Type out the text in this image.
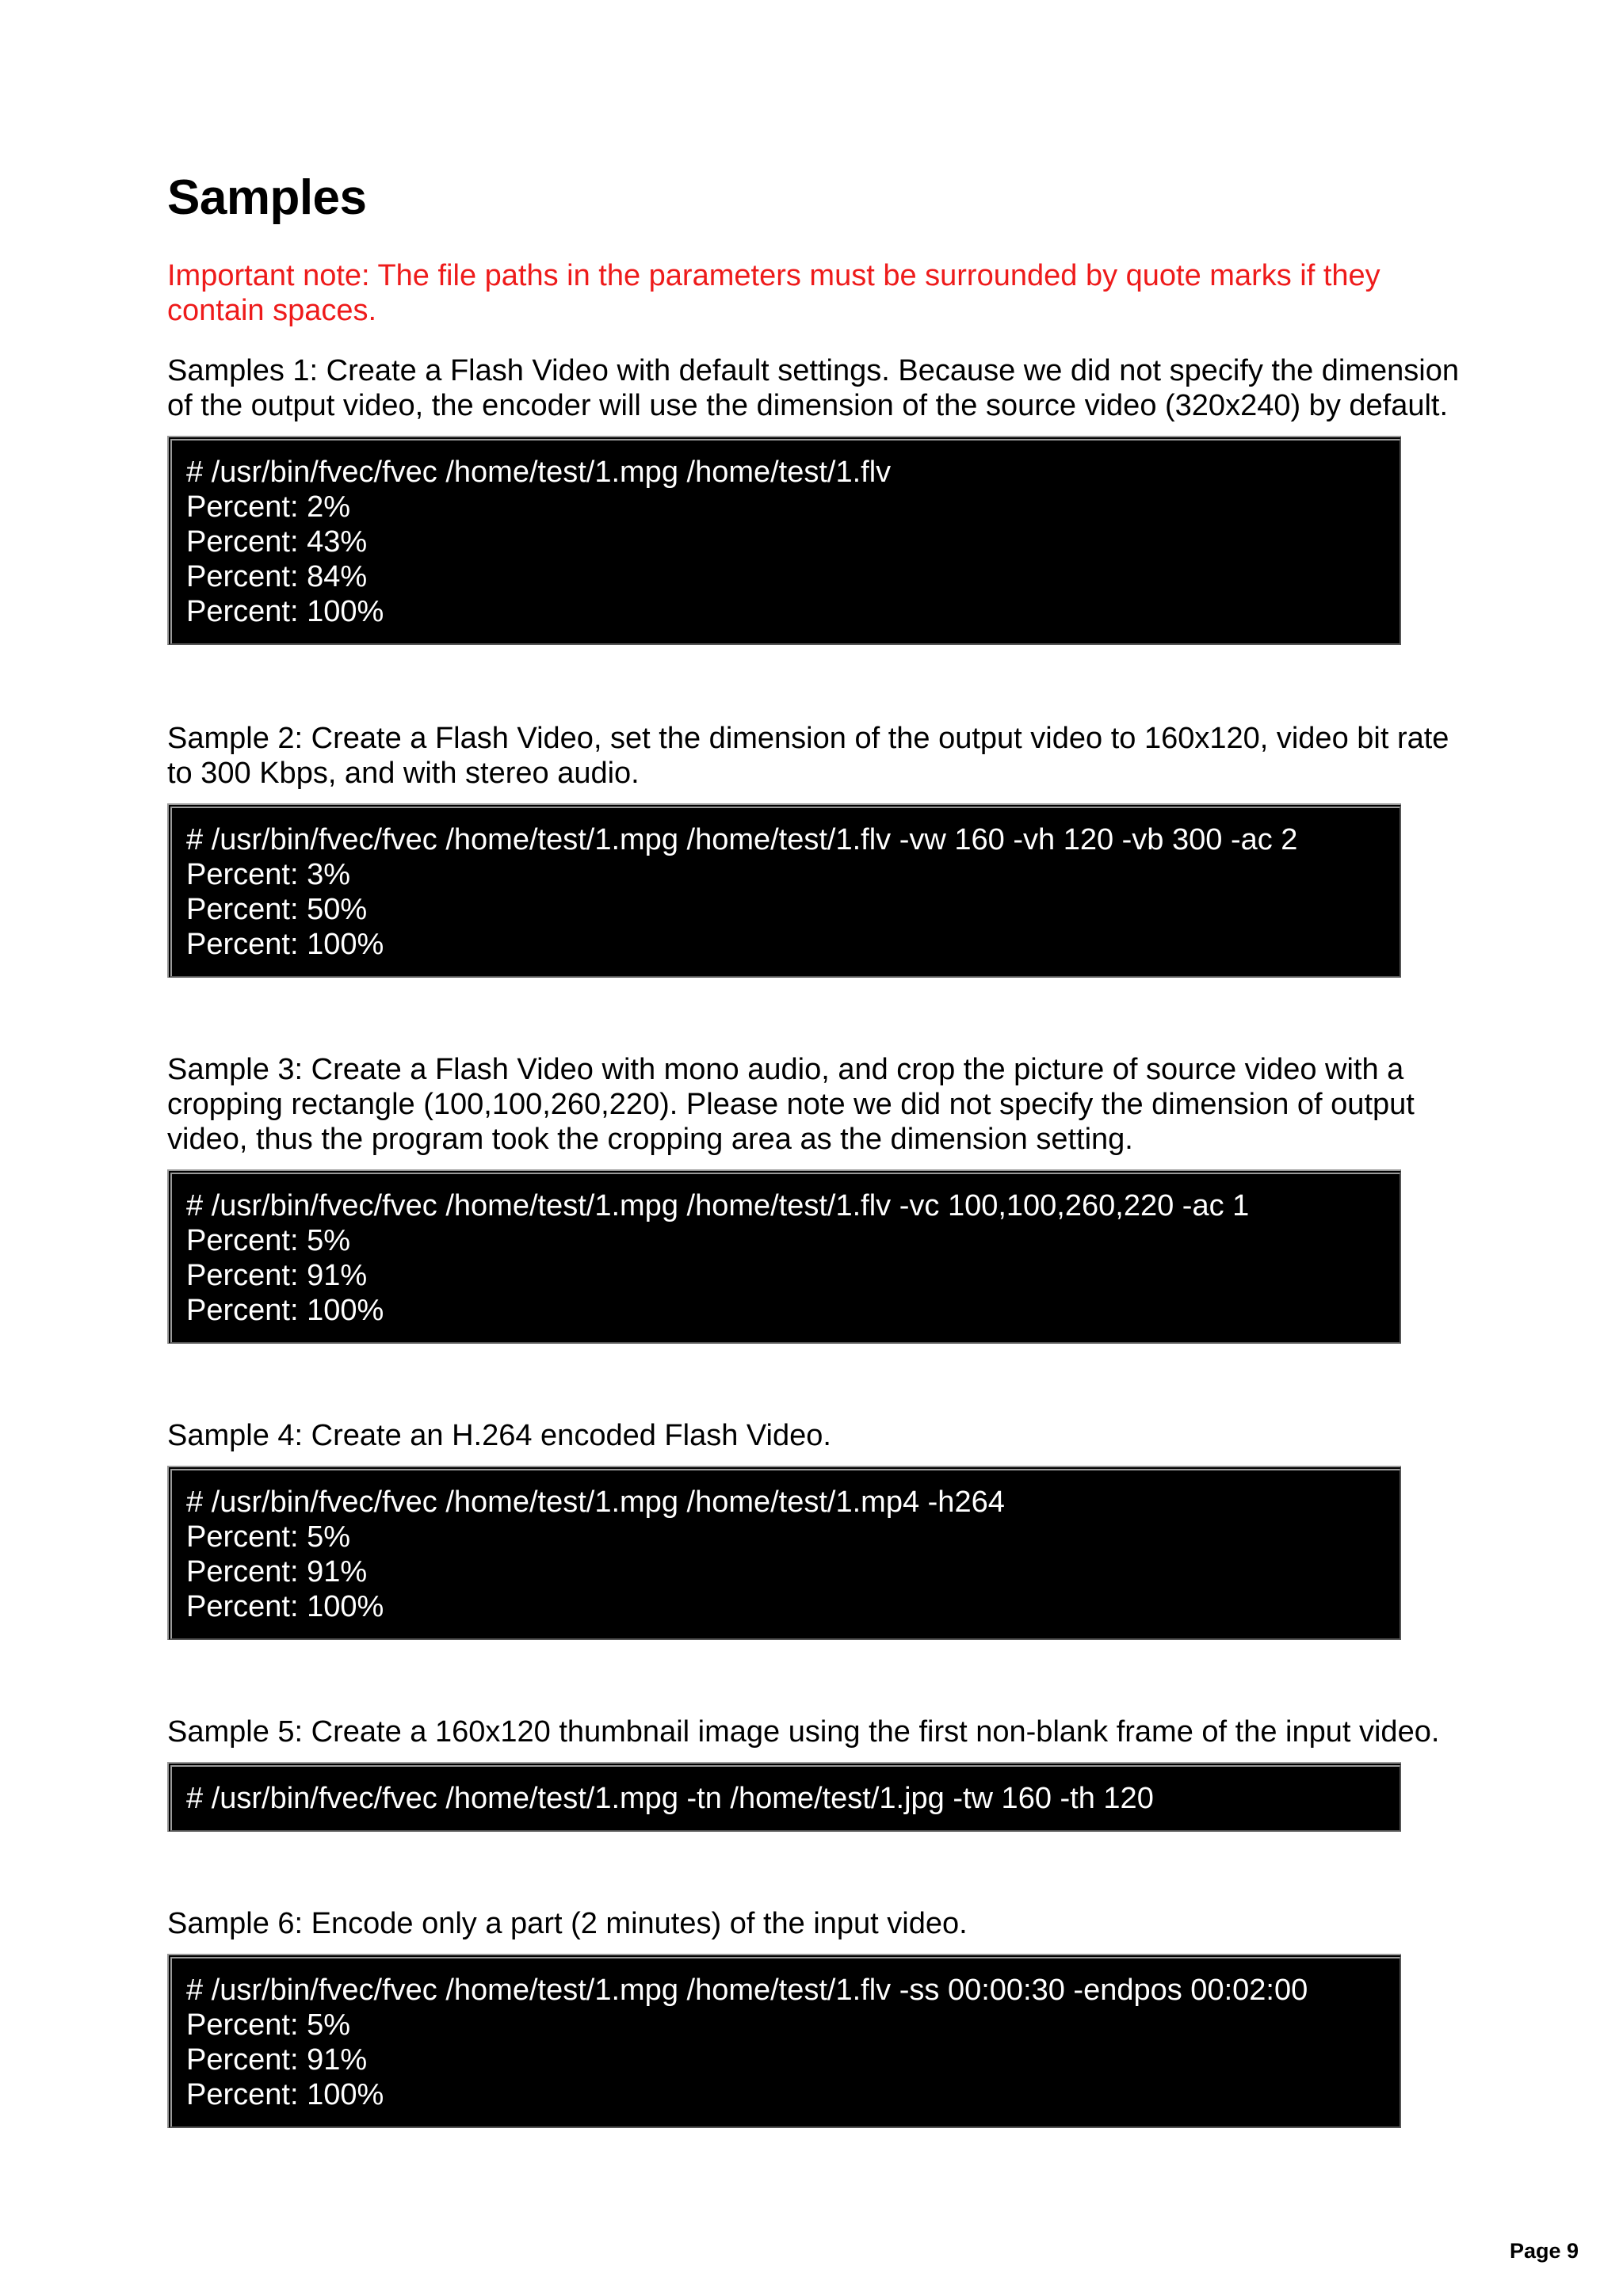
Samples

Important note: The file paths in the parameters must be surrounded by quote marks if they contain spaces.

Samples 1: Create a Flash Video with default settings. Because we did not specify the dimension of the output video, the encoder will use the dimension of the source video (320x240) by default.

# /usr/bin/fvec/fvec /home/test/1.mpg /home/test/1.flv
Percent: 2%
Percent: 43%
Percent: 84%
Percent: 100%

Sample 2: Create a Flash Video, set the dimension of the output video to 160x120, video bit rate to 300 Kbps, and with stereo audio.

# /usr/bin/fvec/fvec /home/test/1.mpg /home/test/1.flv -vw 160 -vh 120 -vb 300 -ac 2
Percent: 3%
Percent: 50%
Percent: 100%

Sample 3: Create a Flash Video with mono audio, and crop the picture of source video with a cropping rectangle (100,100,260,220). Please note we did not specify the dimension of output video, thus the program took the cropping area as the dimension setting.

# /usr/bin/fvec/fvec /home/test/1.mpg /home/test/1.flv -vc 100,100,260,220 -ac 1
Percent: 5%
Percent: 91%
Percent: 100%

Sample 4: Create an H.264 encoded Flash Video.

# /usr/bin/fvec/fvec /home/test/1.mpg /home/test/1.mp4 -h264
Percent: 5%
Percent: 91%
Percent: 100%

Sample 5: Create a 160x120 thumbnail image using the first non-blank frame of the input video.

# /usr/bin/fvec/fvec /home/test/1.mpg -tn /home/test/1.jpg -tw 160 -th 120

Sample 6: Encode only a part (2 minutes) of the input video.

# /usr/bin/fvec/fvec /home/test/1.mpg /home/test/1.flv -ss 00:00:30 -endpos 00:02:00
Percent: 5%
Percent: 91%
Percent: 100%
Page 9
